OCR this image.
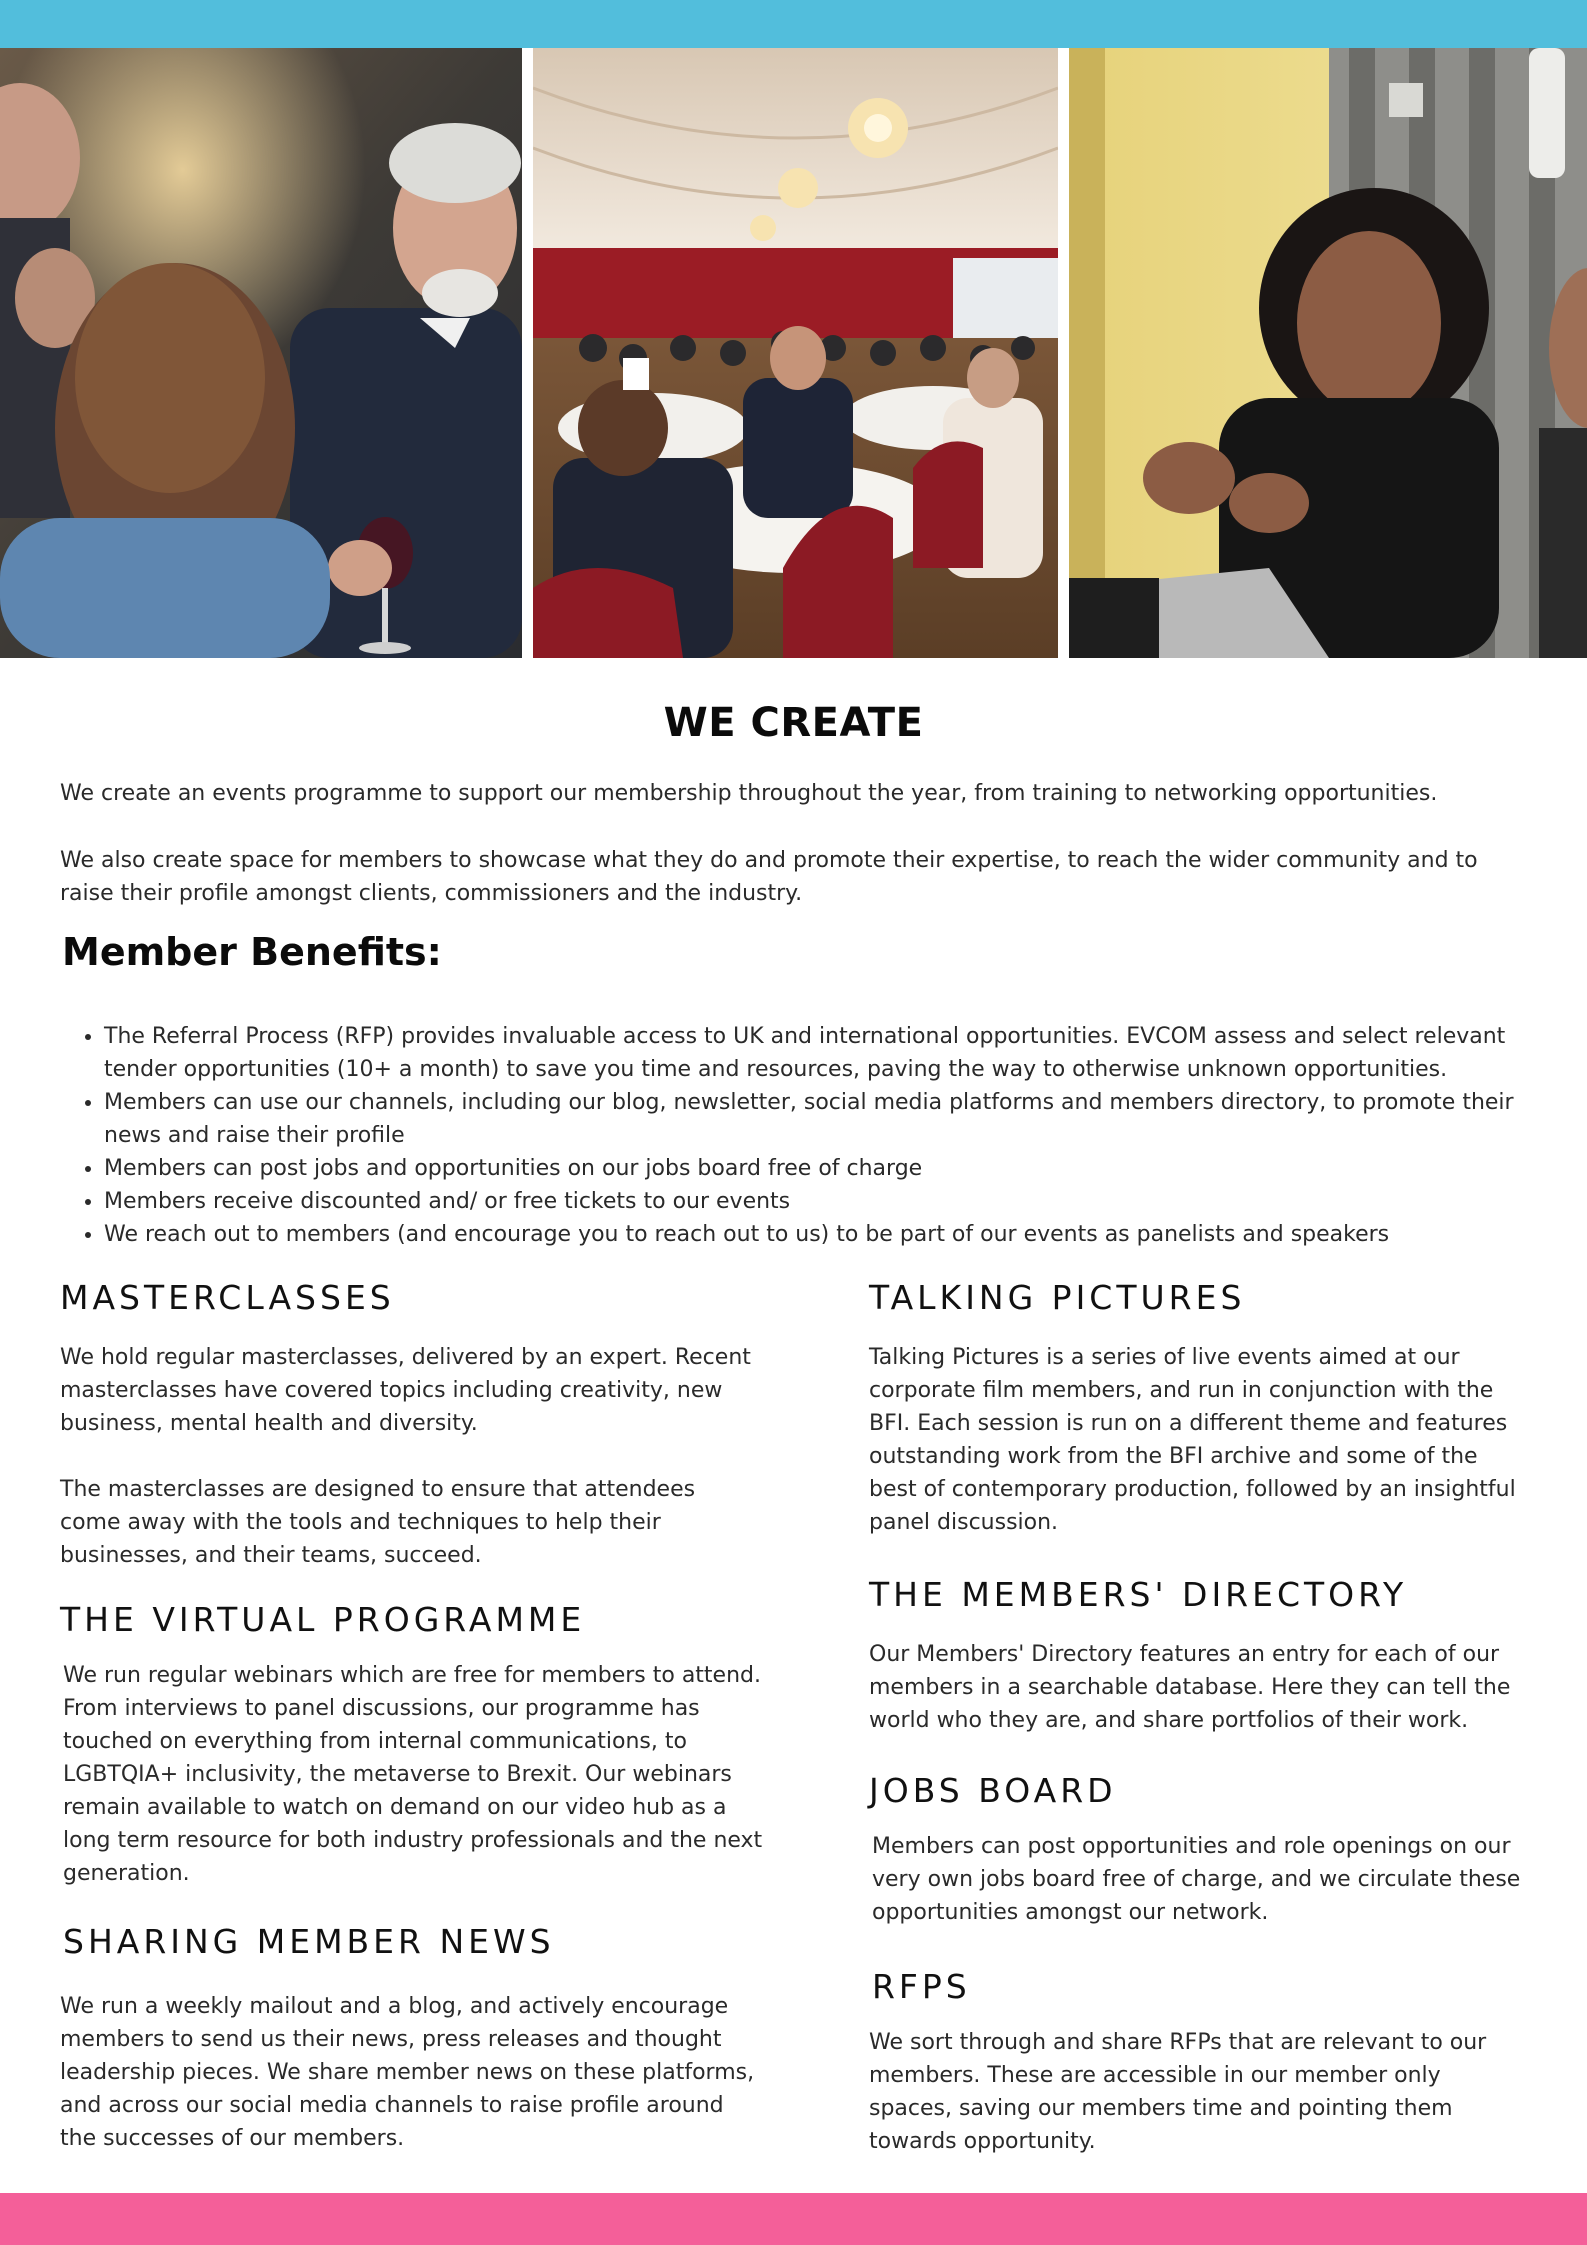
WE CREATE

We create an events programme to support our membership throughout the year, from training to networking opportunities.

We also create space for members to showcase what they do and promote their expertise, to reach the wider community and to raise their profile amongst clients, commissioners and the industry.

Member Benefits:
• The Referral Process (RFP) provides invaluable access to UK and international opportunities. EVCOM assess and select relevant tender opportunities (10+ a month) to save you time and resources, paving the way to otherwise unknown opportunities.
• Members can use our channels, including our blog, newsletter, social media platforms and members directory, to promote their news and raise their profile
• Members can post jobs and opportunities on our jobs board free of charge
• Members receive discounted and/ or free tickets to our events
• We reach out to members (and encourage you to reach out to us) to be part of our events as panelists and speakers
MASTERCLASSES

We hold regular masterclasses, delivered by an expert. Recent masterclasses have covered topics including creativity, new business, mental health and diversity.

The masterclasses are designed to ensure that attendees come away with the tools and techniques to help their businesses, and their teams, succeed.

THE VIRTUAL PROGRAMME

We run regular webinars which are free for members to attend. From interviews to panel discussions, our programme has touched on everything from internal communications, to LGBTQIA+ inclusivity, the metaverse to Brexit. Our webinars remain available to watch on demand on our video hub as a long term resource for both industry professionals and the next generation.

SHARING MEMBER NEWS

We run a weekly mailout and a blog, and actively encourage members to send us their news, press releases and thought leadership pieces. We share member news on these platforms, and across our social media channels to raise profile around the successes of our members.

TALKING PICTURES

Talking Pictures is a series of live events aimed at our corporate film members, and run in conjunction with the BFI. Each session is run on a different theme and features outstanding work from the BFI archive and some of the best of contemporary production, followed by an insightful panel discussion.

THE MEMBERS' DIRECTORY

Our Members' Directory features an entry for each of our members in a searchable database. Here they can tell the world who they are, and share portfolios of their work.

JOBS BOARD

Members can post opportunities and role openings on our very own jobs board free of charge, and we circulate these opportunities amongst our network.

RFPS

We sort through and share RFPs that are relevant to our members. These are accessible in our member only spaces, saving our members time and pointing them towards opportunity.
